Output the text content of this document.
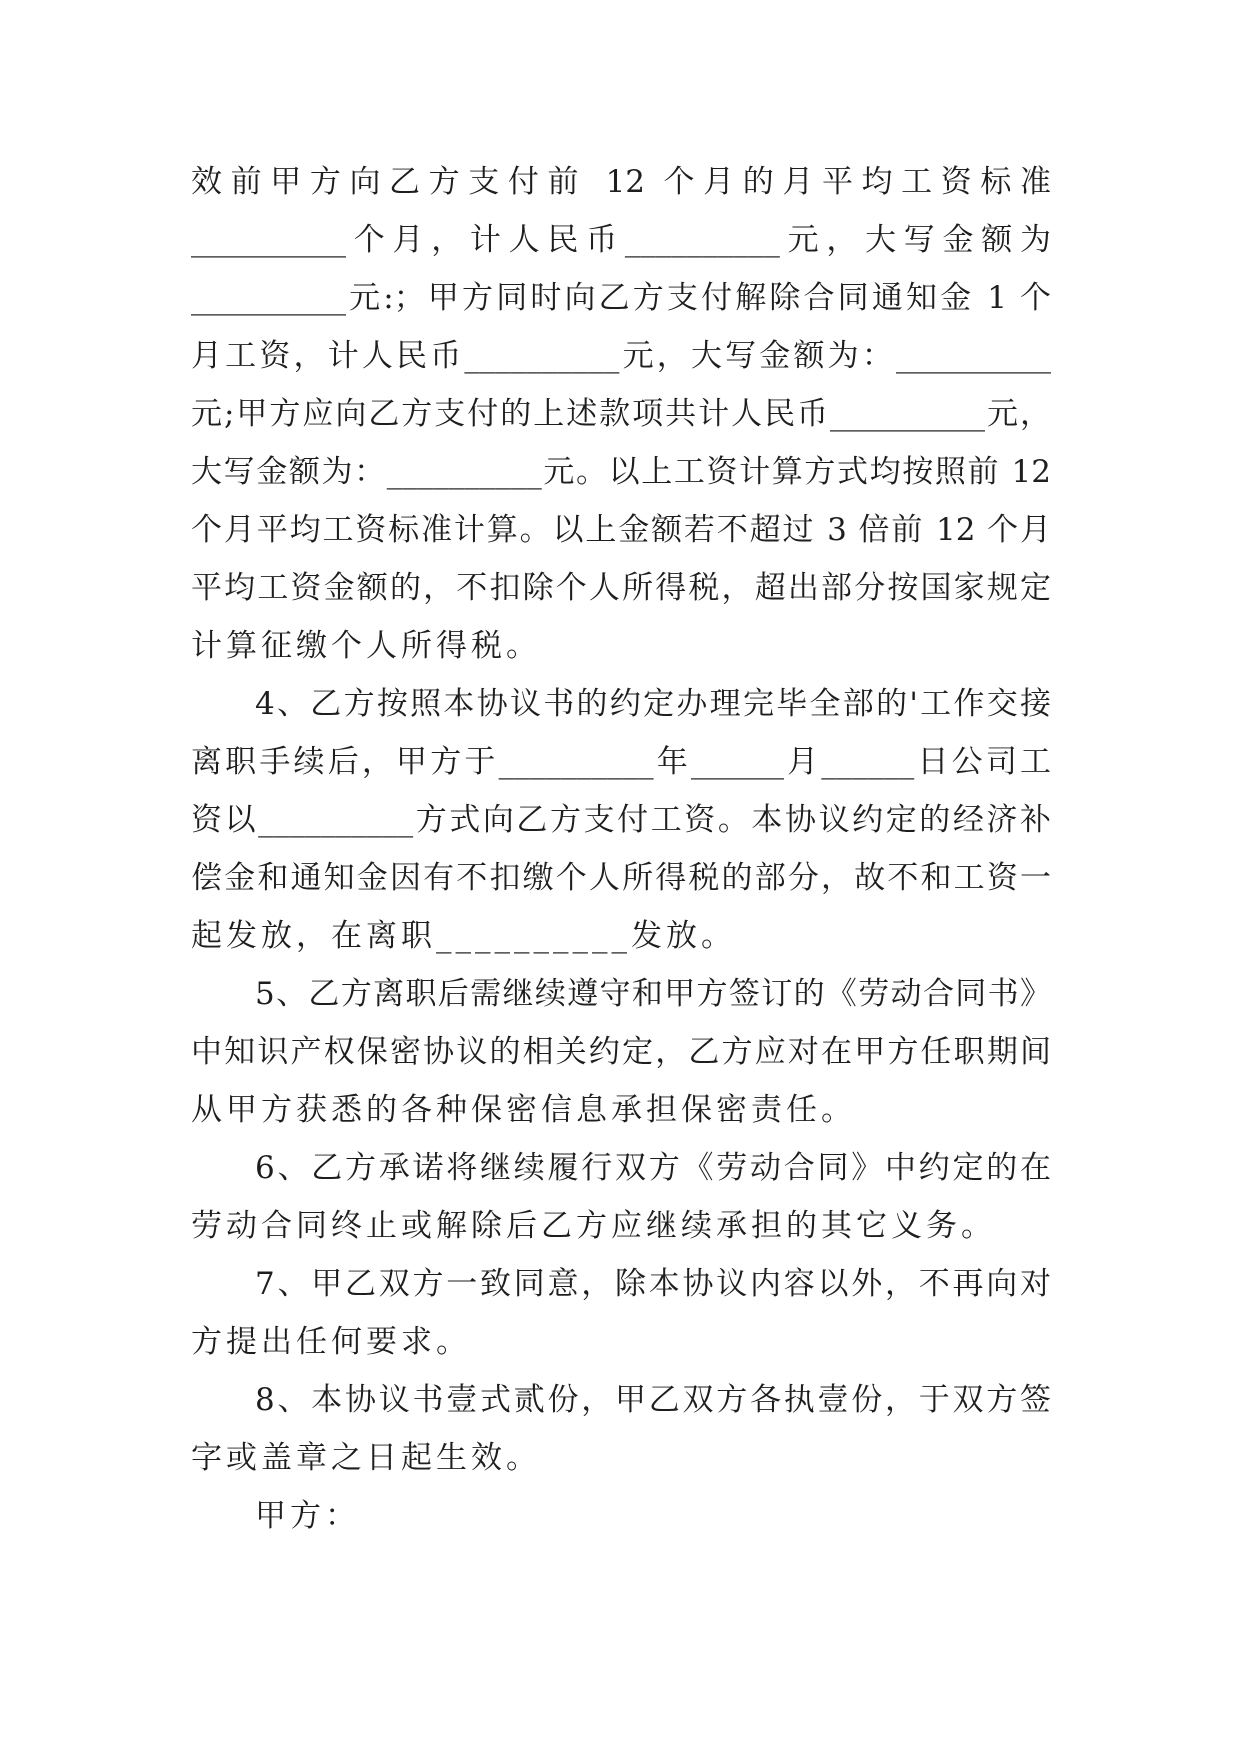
效前甲方向乙方支付前 12 个月的月平均工资标准
__________个月，计人民币__________元，大写金额为
__________元:；甲方同时向乙方支付解除合同通知金 1 个
月工资，计人民币__________元，大写金额为：__________
元;甲方应向乙方支付的上述款项共计人民币__________元，
大写金额为：__________元。以上工资计算方式均按照前 12
个月平均工资标准计算。以上金额若不超过 3 倍前 12 个月
平均工资金额的，不扣除个人所得税，超出部分按国家规定
计算征缴个人所得税。
4、乙方按照本协议书的约定办理完毕全部的'工作交接
离职手续后，甲方于__________年______月______日公司工
资以__________方式向乙方支付工资。本协议约定的经济补
偿金和通知金因有不扣缴个人所得税的部分，故不和工资一
起发放，在离职__________发放。
5、乙方离职后需继续遵守和甲方签订的《劳动合同书》
中知识产权保密协议的相关约定，乙方应对在甲方任职期间
从甲方获悉的各种保密信息承担保密责任。
6、乙方承诺将继续履行双方《劳动合同》中约定的在
劳动合同终止或解除后乙方应继续承担的其它义务。
7、甲乙双方一致同意，除本协议内容以外，不再向对
方提出任何要求。
8、本协议书壹式贰份，甲乙双方各执壹份，于双方签
字或盖章之日起生效。
甲方：
